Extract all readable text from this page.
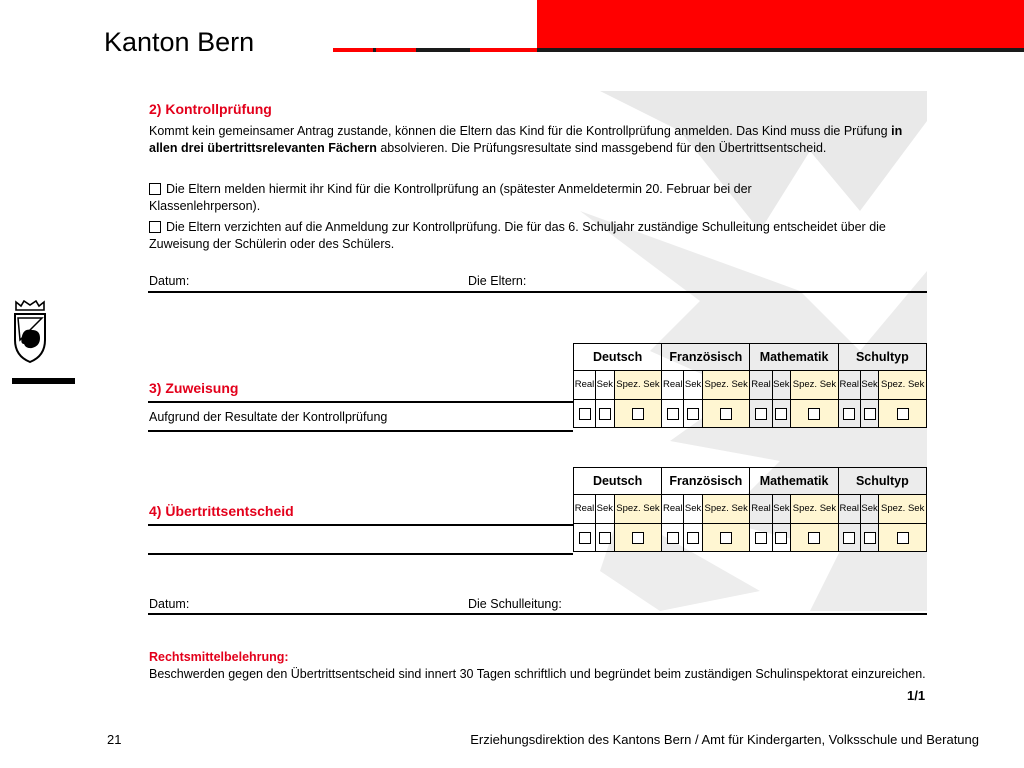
Kanton Bern
2) Kontrollprüfung
Kommt kein gemeinsamer Antrag zustande, können die Eltern das Kind für die Kontrollprüfung anmelden. Das Kind muss die Prüfung in allen drei übertrittsrelevanten Fächern absolvieren. Die Prüfungsresultate sind massgebend für den Übertrittsentscheid.
Die Eltern melden hiermit ihr Kind für die Kontrollprüfung an (spätester Anmeldetermin 20. Februar bei der Klassenlehrperson).
Die Eltern verzichten auf die Anmeldung zur Kontrollprüfung. Die für das 6. Schuljahr zuständige Schulleitung entscheidet über die Zuweisung der Schülerin oder des Schülers.
Datum:	Die Eltern:
Deutsch			Französisch			Mathematik			Schultyp		
Real	Sek	Spez. Sek	Real	Sek	Spez. Sek	Real	Sek	Spez. Sek	Real	Sek	Spez. Sek

3) Zuweisung
Aufgrund der Resultate der Kontrollprüfung
Deutsch			Französisch			Mathematik			Schultyp		
Real	Sek	Spez. Sek	Real	Sek	Spez. Sek	Real	Sek	Spez. Sek	Real	Sek	Spez. Sek

4) Übertrittsentscheid
Datum:	Die Schulleitung:
Rechtsmittelbelehrung:
Beschwerden gegen den Übertrittsentscheid sind innert 30 Tagen schriftlich und begründet beim zuständigen Schulinspektorat einzureichen.
1/1
21	Erziehungsdirektion des Kantons Bern / Amt für Kindergarten, Volksschule und Beratung
